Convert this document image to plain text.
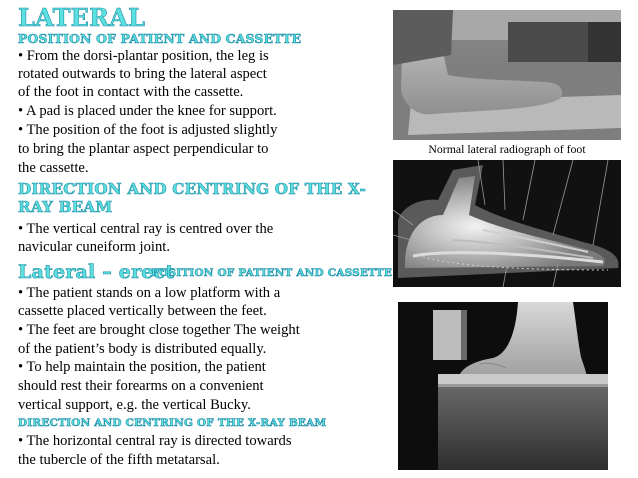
LATERAL
POSITION OF PATIENT AND CASSETTE
• From the dorsi-plantar position, the leg is
rotated outwards to bring the lateral aspect
of the foot in contact with the cassette.
• A pad is placed under the knee for support.
• The position of the foot is adjusted slightly
to bring the plantar aspect perpendicular to
the cassette.
DIRECTION AND CENTRING OF THE X-
RAY BEAM
• The vertical central ray is centred over the
navicular cuneiform joint.
Lateral – erect
POSITION OF PATIENT AND CASSETTE
• The patient stands on a low platform with a
cassette placed vertically between the feet.
• The feet are brought close together The weight
of the patient’s body is distributed equally.
• To help maintain the position, the patient
should rest their forearms on a convenient
vertical support, e.g. the vertical Bucky.
DIRECTION AND CENTRING OF THE X-RAY BEAM
• The horizontal central ray is directed towards
the tubercle of the fifth metatarsal.
Normal lateral radiograph of foot
